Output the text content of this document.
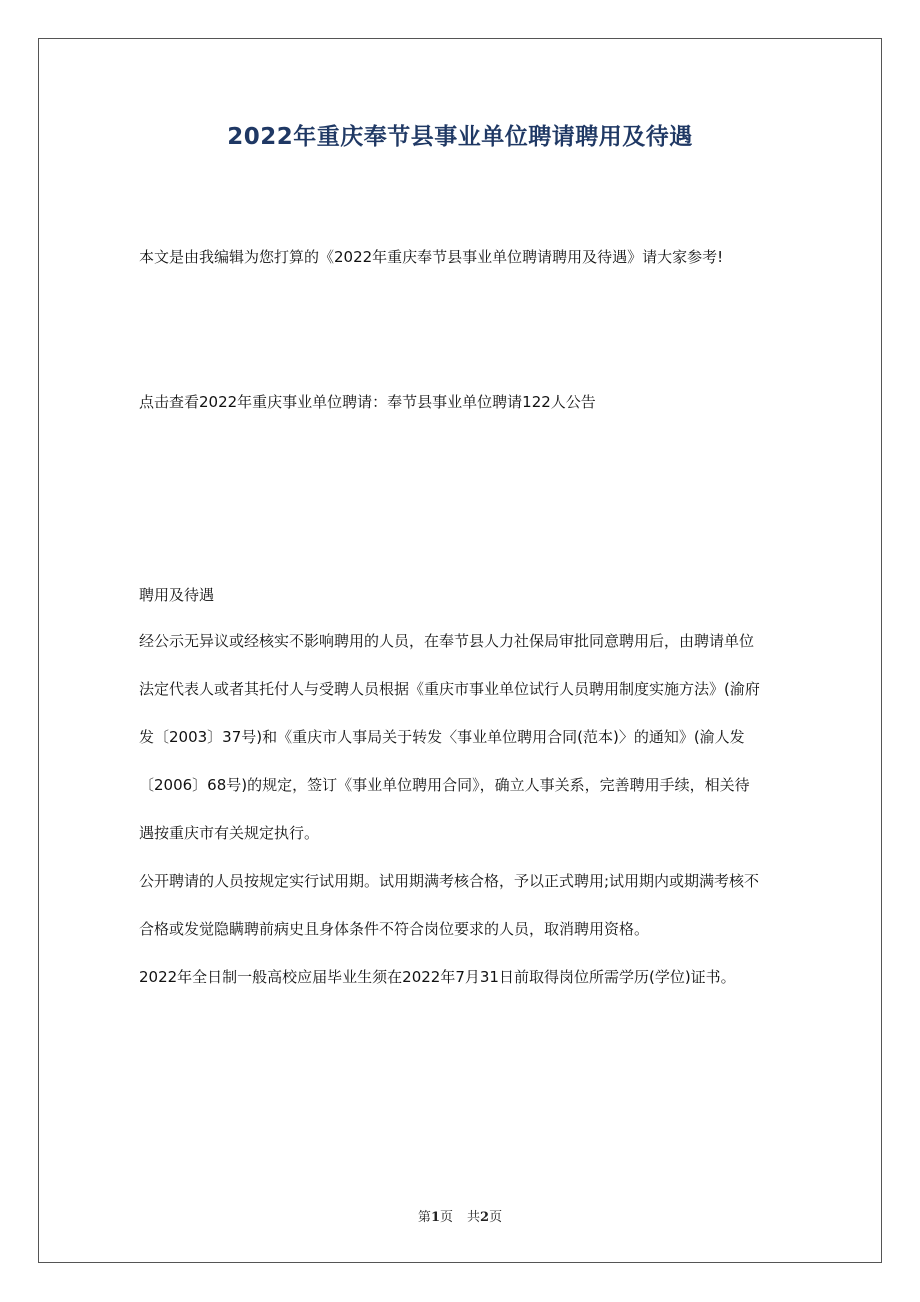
2022年重庆奉节县事业单位聘请聘用及待遇

本文是由我编辑为您打算的《2022年重庆奉节县事业单位聘请聘用及待遇》请大家参考!

点击查看2022年重庆事业单位聘请：奉节县事业单位聘请122人公告

聘用及待遇

经公示无异议或经核实不影响聘用的人员，在奉节县人力社保局审批同意聘用后，由聘请单位
法定代表人或者其托付人与受聘人员根据《重庆市事业单位试行人员聘用制度实施方法》(渝府
发〔2003〕37号)和《重庆市人事局关于转发〈事业单位聘用合同(范本)〉的通知》(渝人发
〔2006〕68号)的规定，签订《事业单位聘用合同》，确立人事关系，完善聘用手续，相关待
遇按重庆市有关规定执行。
公开聘请的人员按规定实行试用期。试用期满考核合格，予以正式聘用;试用期内或期满考核不
合格或发觉隐瞒聘前病史且身体条件不符合岗位要求的人员，取消聘用资格。
2022年全日制一般高校应届毕业生须在2022年7月31日前取得岗位所需学历(学位)证书。
第1页 共2页
